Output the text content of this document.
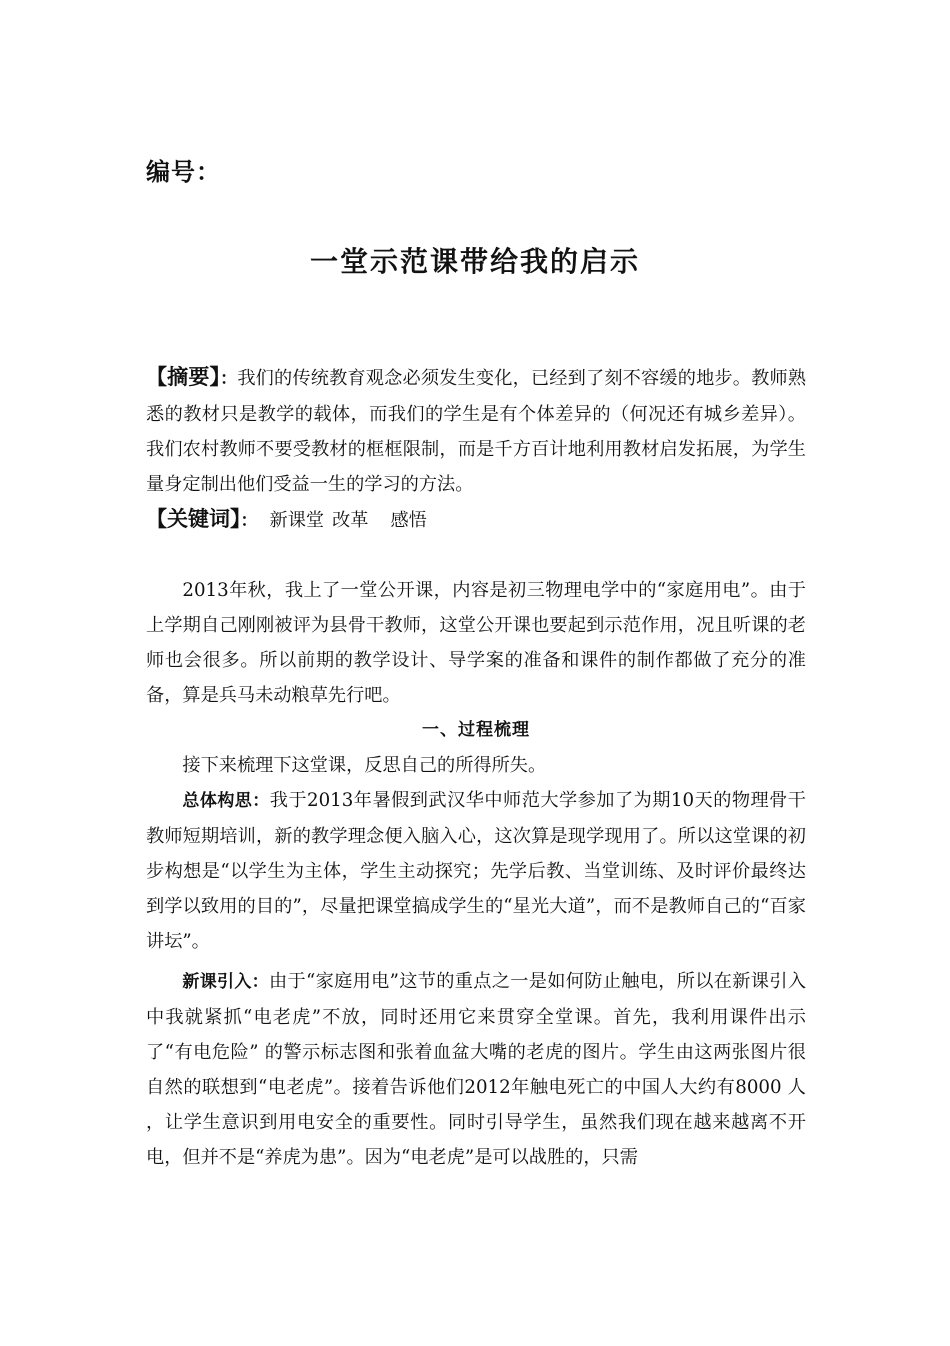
编号：
一堂示范课带给我的启示

【摘要】：我们的传统教育观念必须发生变化，已经到了刻不容缓的地步。教师熟悉的教材只是教学的载体，而我们的学生是有个体差异的（何况还有城乡差异）。我们农村教师不要受教材的框框限制，而是千方百计地利用教材启发拓展，为学生量身定制出他们受益一生的学习的方法。

【关键词】： 新课堂 改革 感悟

2013年秋，我上了一堂公开课，内容是初三物理电学中的“家庭用电”。由于上学期自己刚刚被评为县骨干教师，这堂公开课也要起到示范作用，况且听课的老师也会很多。所以前期的教学设计、导学案的准备和课件的制作都做了充分的准备，算是兵马未动粮草先行吧。

一、过程梳理

接下来梳理下这堂课，反思自己的所得所失。

总体构思：我于2013年暑假到武汉华中师范大学参加了为期10天的物理骨干教师短期培训，新的教学理念便入脑入心，这次算是现学现用了。所以这堂课的初步构想是“以学生为主体，学生主动探究；先学后教、当堂训练、及时评价最终达到学以致用的目的”，尽量把课堂搞成学生的“星光大道”，而不是教师自己的“百家讲坛”。

新课引入：由于“家庭用电”这节的重点之一是如何防止触电，所以在新课引入中我就紧抓“电老虎”不放，同时还用它来贯穿全堂课。首先，我利用课件出示了“有电危险” 的警示标志图和张着血盆大嘴的老虎的图片。学生由这两张图片很自然的联想到“电老虎”。接着告诉他们2012年触电死亡的中国人大约有8000 人 ，让学生意识到用电安全的重要性。同时引导学生，虽然我们现在越来越离不开电，但并不是“养虎为患”。因为“电老虎”是可以战胜的，只需
